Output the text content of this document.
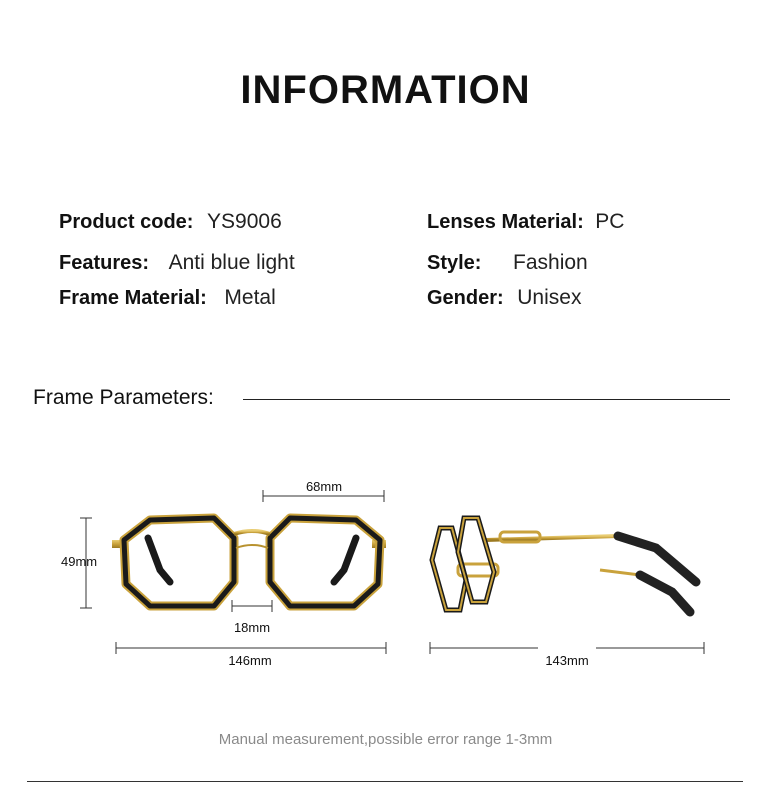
INFORMATION
Product code: YS9006
Features: Anti blue light
Frame Material: Metal
Lenses Material: PC
Style: Fashion
Gender: Unisex
Frame Parameters:
68mm
49mm
18mm
146mm	143mm
Manual measurement,possible error range 1-3mm
